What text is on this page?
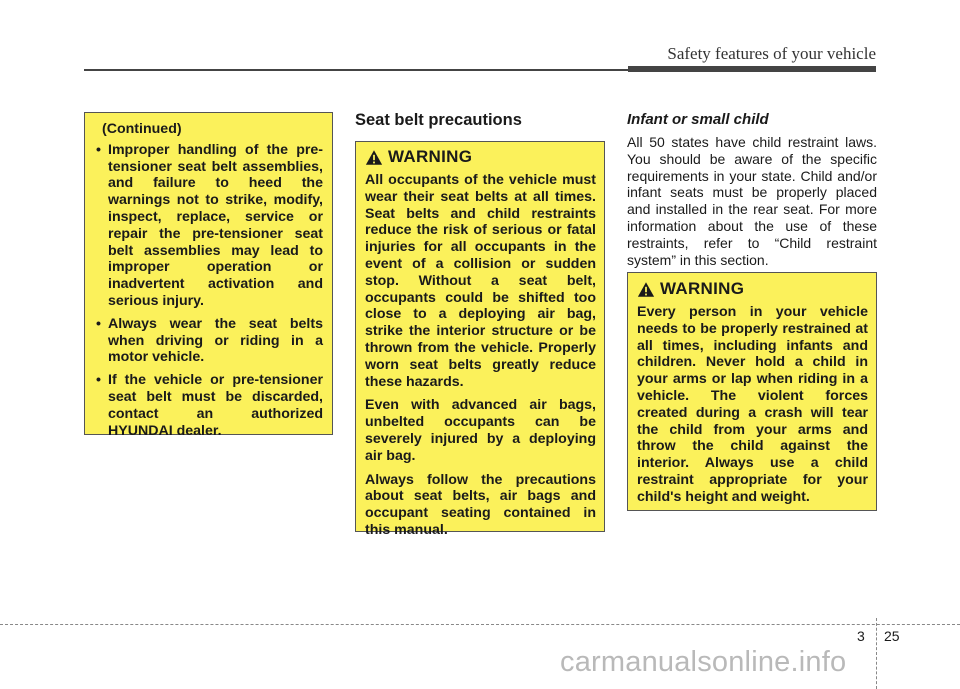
Safety features of your vehicle
(Continued)
• Improper handling of the pre-tensioner seat belt assemblies, and failure to heed the warnings not to strike, modify, inspect, replace, service or repair the pre-tensioner seat belt assemblies may lead to improper operation or inadvertent activation and serious injury.
• Always wear the seat belts when driving or riding in a motor vehicle.
• If the vehicle or pre-tensioner seat belt must be discarded, contact an authorized HYUNDAI dealer.
Seat belt precautions
WARNING

All occupants of the vehicle must wear their seat belts at all times. Seat belts and child restraints reduce the risk of serious or fatal injuries for all occupants in the event of a collision or sudden stop. Without a seat belt, occupants could be shifted too close to a deploying air bag, strike the interior structure or be thrown from the vehicle. Properly worn seat belts greatly reduce these hazards.

Even with advanced air bags, unbelted occupants can be severely injured by a deploying air bag.

Always follow the precautions about seat belts, air bags and occupant seating contained in this manual.

Infant or small child
All 50 states have child restraint laws. You should be aware of the specific requirements in your state. Child and/or infant seats must be properly placed and installed in the rear seat. For more information about the use of these restraints, refer to “Child restraint system” in this section.
WARNING

Every person in your vehicle needs to be properly restrained at all times, including infants and children. Never hold a child in your arms or lap when riding in a vehicle. The violent forces created during a crash will tear the child from your arms and throw the child against the interior. Always use a child restraint appropriate for your child's height and weight.

3 25
carmanualsonline.info
